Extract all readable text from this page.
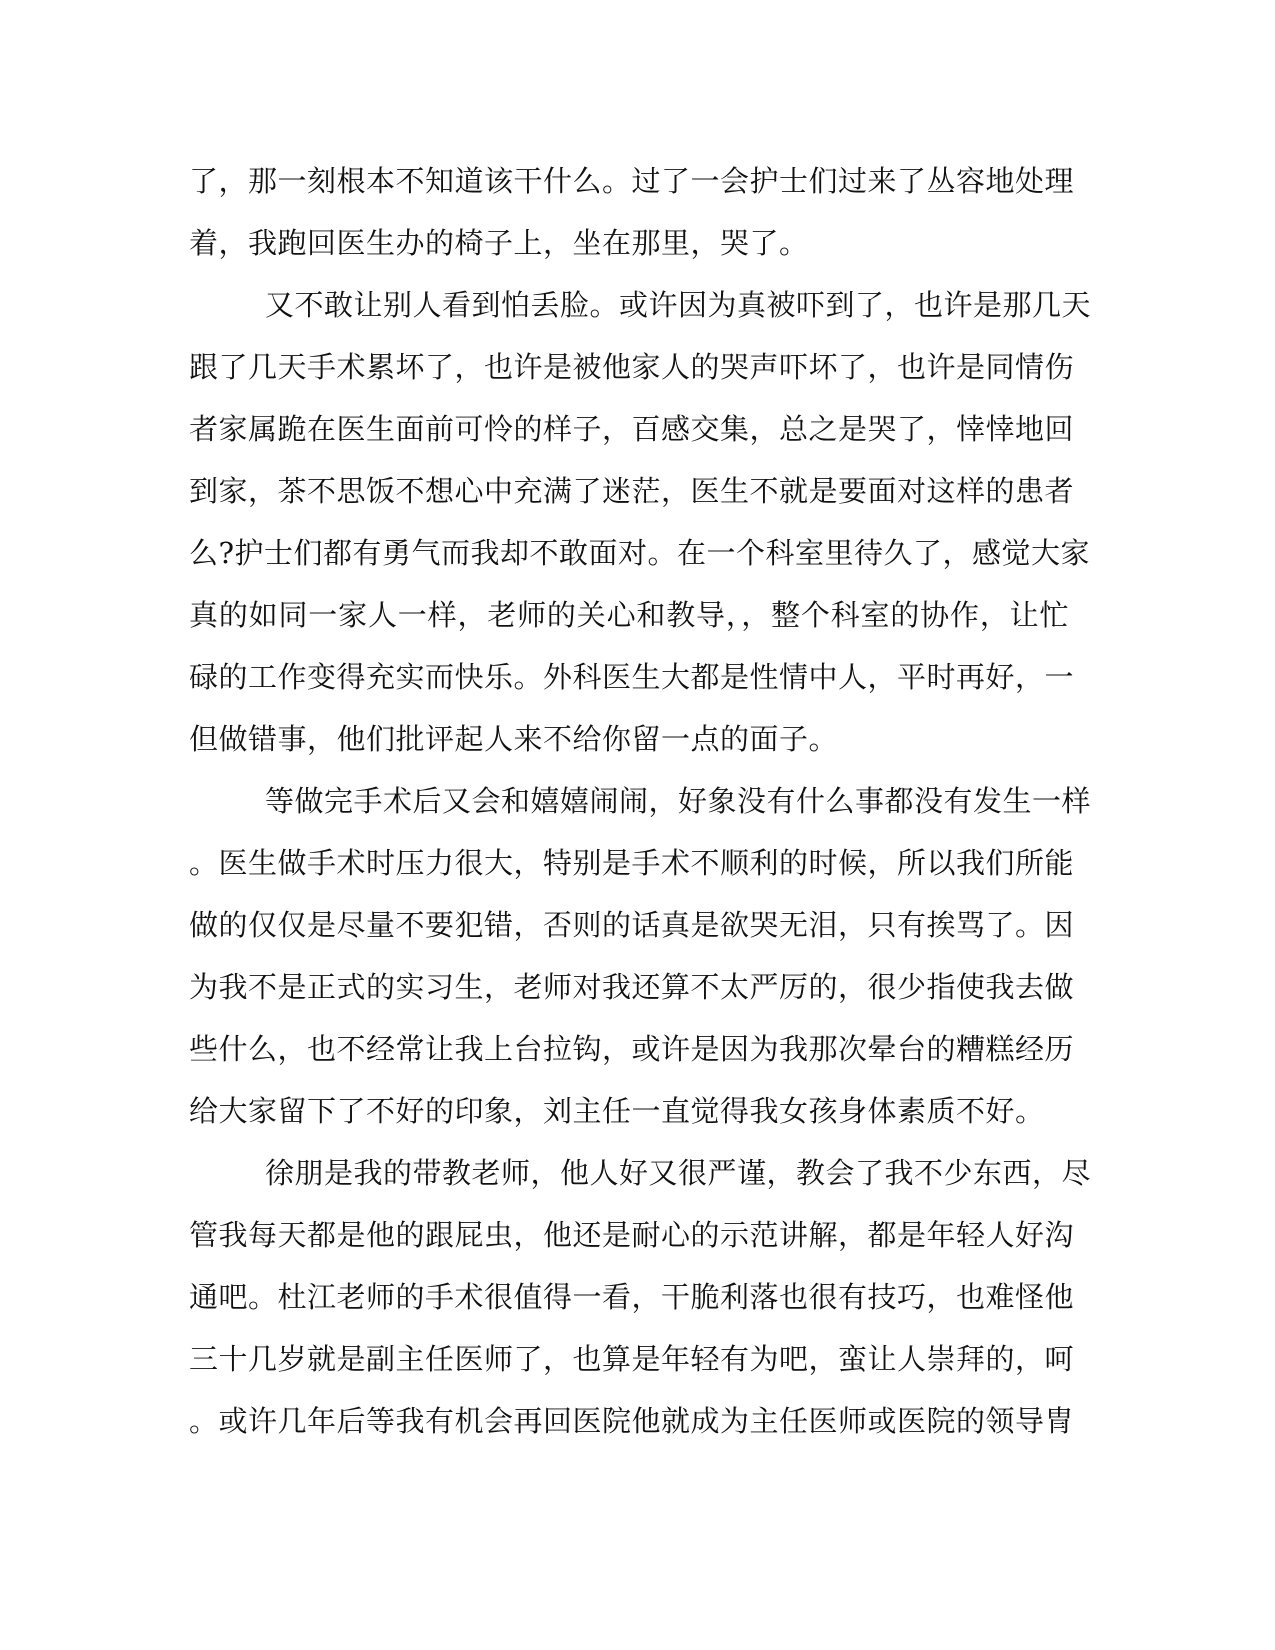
了，那一刻根本不知道该干什么。过了一会护士们过来了丛容地处理
着，我跑回医生办的椅子上，坐在那里，哭了。
又不敢让别人看到怕丢脸。或许因为真被吓到了，也许是那几天
跟了几天手术累坏了，也许是被他家人的哭声吓坏了，也许是同情伤
者家属跪在医生面前可怜的样子，百感交集，总之是哭了，悻悻地回
到家，茶不思饭不想心中充满了迷茫，医生不就是要面对这样的患者
么?护士们都有勇气而我却不敢面对。在一个科室里待久了，感觉大家
真的如同一家人一样，老师的关心和教导，，整个科室的协作，让忙
碌的工作变得充实而快乐。外科医生大都是性情中人，平时再好，一
但做错事，他们批评起人来不给你留一点的面子。
等做完手术后又会和嬉嬉闹闹，好象没有什么事都没有发生一样
。医生做手术时压力很大，特别是手术不顺利的时候，所以我们所能
做的仅仅是尽量不要犯错，否则的话真是欲哭无泪，只有挨骂了。因
为我不是正式的实习生，老师对我还算不太严厉的，很少指使我去做
些什么，也不经常让我上台拉钩，或许是因为我那次晕台的糟糕经历
给大家留下了不好的印象，刘主任一直觉得我女孩身体素质不好。
徐朋是我的带教老师，他人好又很严谨，教会了我不少东西，尽
管我每天都是他的跟屁虫，他还是耐心的示范讲解，都是年轻人好沟
通吧。杜江老师的手术很值得一看，干脆利落也很有技巧，也难怪他
三十几岁就是副主任医师了，也算是年轻有为吧，蛮让人崇拜的，呵
。或许几年后等我有机会再回医院他就成为主任医师或医院的领导冑
